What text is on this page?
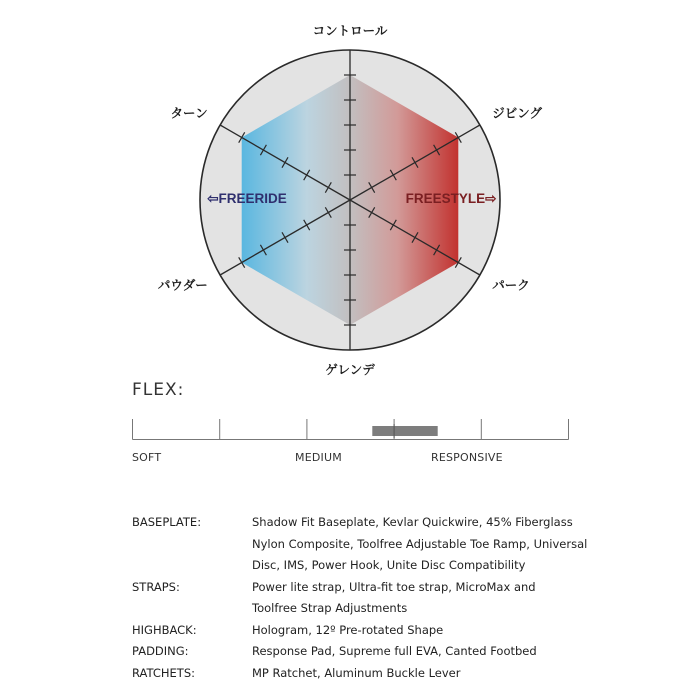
コントロール
ジビング
パーク
ゲレンデ
パウダー
ターン
⇦FREERIDE	FREESTYLE⇨
FLEX:
SOFT	MEDIUM	RESPONSIVE
BASEPLATE:	Shadow Fit Baseplate, Kevlar Quickwire, 45% Fiberglass
Nylon Composite, Toolfree Adjustable Toe Ramp, Universal
Disc, IMS, Power Hook, Unite Disc Compatibility
STRAPS:	Power lite strap, Ultra-fit toe strap, MicroMax and
Toolfree Strap Adjustments
HIGHBACK:	Hologram, 12º Pre-rotated Shape
PADDING:	Response Pad, Supreme full EVA, Canted Footbed
RATCHETS:	MP Ratchet, Aluminum Buckle Lever
